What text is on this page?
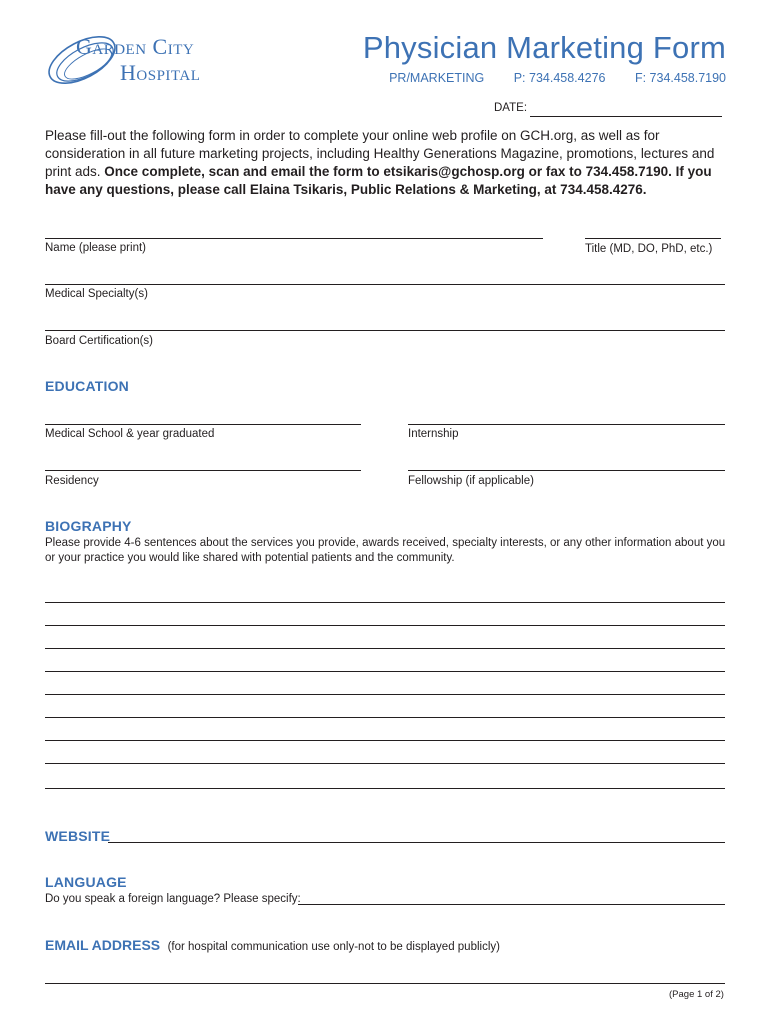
Garden City
Hospital
Physician Marketing Form
PR/MARKETING P: 734.458.4276 F: 734.458.7190
DATE:
Please fill-out the following form in order to complete your online web profile on GCH.org, as well as for consideration in all future marketing projects, including Healthy Generations Magazine, promotions, lectures and print ads. Once complete, scan and email the form to etsikaris@gchosp.org or fax to 734.458.7190. If you have any questions, please call Elaina Tsikaris, Public Relations & Marketing, at 734.458.4276.
Name (please print)	Title (MD, DO, PhD, etc.)
Medical Specialty(s)
Board Certification(s)
EDUCATION
Medical School & year graduated	Internship
Residency	Fellowship (if applicable)
BIOGRAPHY
Please provide 4-6 sentences about the services you provide, awards received, specialty interests, or any other information about you or your practice you would like shared with potential patients and the community.
WEBSITE
LANGUAGE
Do you speak a foreign language? Please specify:
EMAIL ADDRESS (for hospital communication use only-not to be displayed publicly)
(Page 1 of 2)
